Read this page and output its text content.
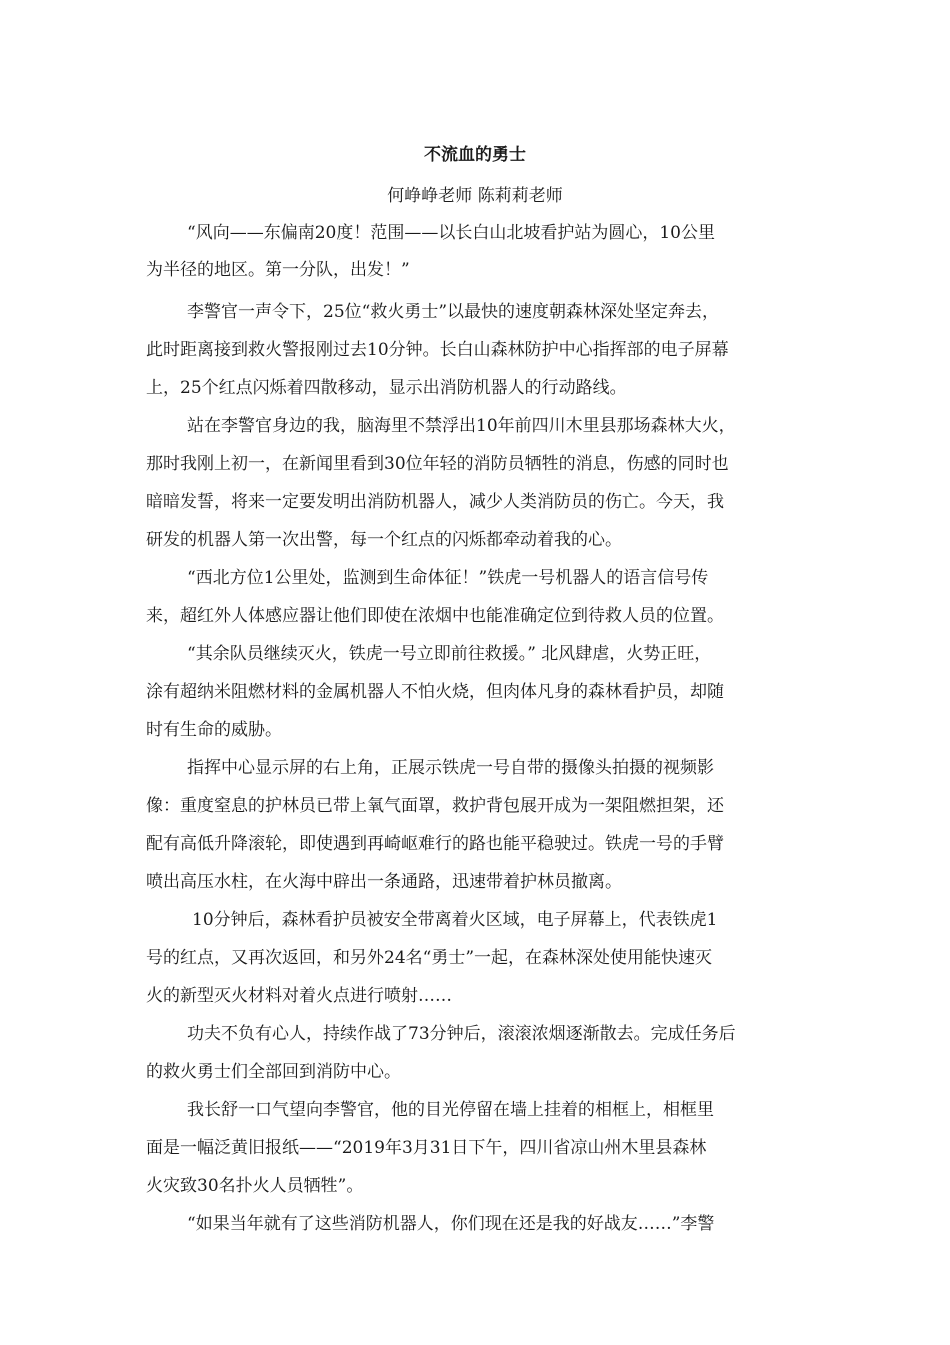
不流血的勇士
何峥峥老师 陈莉莉老师
“风向——东偏南20度！范围——以长白山北坡看护站为圆心，10公里
为半径的地区。第一分队，出发！”
李警官一声令下，25位“救火勇士”以最快的速度朝森林深处坚定奔去，
此时距离接到救火警报刚过去10分钟。长白山森林防护中心指挥部的电子屏幕
上，25个红点闪烁着四散移动，显示出消防机器人的行动路线。
站在李警官身边的我，脑海里不禁浮出10年前四川木里县那场森林大火，
那时我刚上初一，在新闻里看到30位年轻的消防员牺牲的消息，伤感的同时也
暗暗发誓，将来一定要发明出消防机器人，减少人类消防员的伤亡。今天，我
研发的机器人第一次出警，每一个红点的闪烁都牵动着我的心。
“西北方位1公里处，监测到生命体征！”铁虎一号机器人的语言信号传
来，超红外人体感应器让他们即使在浓烟中也能准确定位到待救人员的位置。
“其余队员继续灭火，铁虎一号立即前往救援。” 北风肆虐，火势正旺，
涂有超纳米阻燃材料的金属机器人不怕火烧，但肉体凡身的森林看护员，却随
时有生命的威胁。
指挥中心显示屏的右上角，正展示铁虎一号自带的摄像头拍摄的视频影
像：重度窒息的护林员已带上氧气面罩，救护背包展开成为一架阻燃担架，还
配有高低升降滚轮，即使遇到再崎岖难行的路也能平稳驶过。铁虎一号的手臂
喷出高压水柱，在火海中辟出一条通路，迅速带着护林员撤离。
10分钟后，森林看护员被安全带离着火区域，电子屏幕上，代表铁虎1
号的红点，又再次返回，和另外24名“勇士”一起，在森林深处使用能快速灭
火的新型灭火材料对着火点进行喷射……
功夫不负有心人，持续作战了73分钟后，滚滚浓烟逐渐散去。完成任务后
的救火勇士们全部回到消防中心。
我长舒一口气望向李警官，他的目光停留在墙上挂着的相框上，相框里
面是一幅泛黄旧报纸——“2019年3月31日下午，四川省凉山州木里县森林
火灾致30名扑火人员牺牲”。
“如果当年就有了这些消防机器人，你们现在还是我的好战友……”李警
